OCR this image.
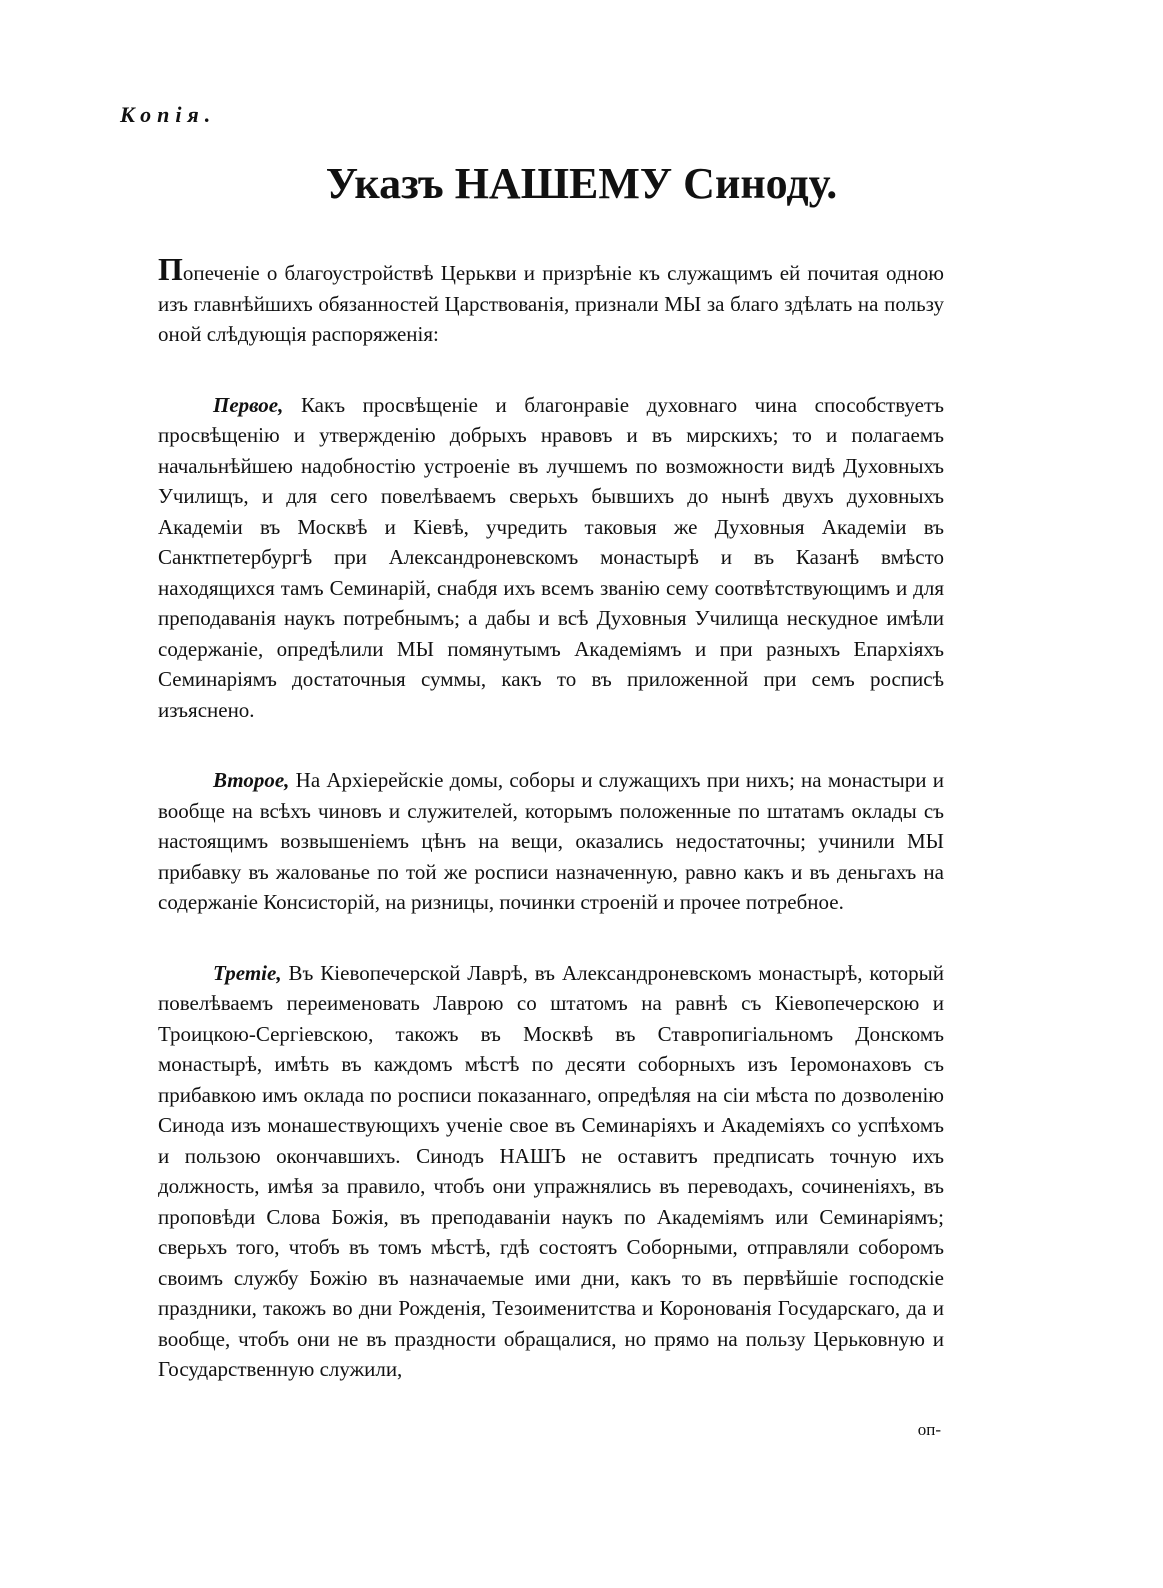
Копія.
Указъ НАШЕМУ Синоду.

Попеченіе о благоустройствѣ Церькви и призрѣніе къ служащимъ ей почитая одною изъ главнѣйшихъ обязанностей Царствованія, признали МЫ за благо здѣлать на пользу оной слѣдующія распоряженія:

Первое, Какъ просвѣщеніе и благонравіе духовнаго чина способствуетъ просвѣщенію и утвержденію добрыхъ нравовъ и въ мирскихъ; то и полагаемъ начальнѣйшею надобностію устроеніе въ лучшемъ по возможности видѣ Духовныхъ Училищъ, и для сего повелѣваемъ сверьхъ бывшихъ до нынѣ двухъ духовныхъ Академіи въ Москвѣ и Кіевѣ, учредить таковыя же Духовныя Академіи въ Санктпетербургѣ при Александроневскомъ монастырѣ и въ Казанѣ вмѣсто находящихся тамъ Семинарій, снабдя ихъ всемъ званію сему соотвѣтствующимъ и для преподаванія наукъ потребнымъ; а дабы и всѣ Духовныя Училища нескудное имѣли содержаніе, опредѣлили МЫ помянутымъ Академіямъ и при разныхъ Епархіяхъ Семинаріямъ достаточныя суммы, какъ то въ приложенной при семъ росписѣ изъяснено.

Второе, На Архіерейскіе домы, соборы и служащихъ при нихъ; на монастыри и вообще на всѣхъ чиновъ и служителей, которымъ положенные по штатамъ оклады съ настоящимъ возвышеніемъ цѣнъ на вещи, оказались недостаточны; учинили МЫ прибавку въ жалованье по той же росписи назначенную, равно какъ и въ деньгахъ на содержаніе Консисторій, на ризницы, починки строеній и прочее потребное.

Третіе, Въ Кіевопечерской Лаврѣ, въ Александроневскомъ монастырѣ, который повелѣваемъ переименовать Лаврою со штатомъ на равнѣ съ Кіевопечерскою и Троицкою-Сергіевскою, такожъ въ Москвѣ въ Ставропигіальномъ Донскомъ монастырѣ, имѣть въ каждомъ мѣстѣ по десяти соборныхъ изъ Іеромонаховъ съ прибавкою имъ оклада по росписи показаннаго, опредѣляя на сіи мѣста по дозволенію Синода изъ монашествующихъ ученіе свое въ Семинаріяхъ и Академіяхъ со успѣхомъ и пользою окончавшихъ. Синодъ НАШЪ не оставитъ предписать точную ихъ должность, имѣя за правило, чтобъ они упражнялись въ переводахъ, сочиненіяхъ, въ проповѣди Слова Божія, въ преподаваніи наукъ по Академіямъ или Семинаріямъ; сверьхъ того, чтобъ въ томъ мѣстѣ, гдѣ состоятъ Соборными, отправляли соборомъ своимъ службу Божію въ назначаемые ими дни, какъ то въ первѣйшіе господскіе праздники, такожъ во дни Рожденія, Тезоименитства и Коронованія Государскаго, да и вообще, чтобъ они не въ праздности обращалися, но прямо на пользу Церьковную и Государственную служили,

оп-
